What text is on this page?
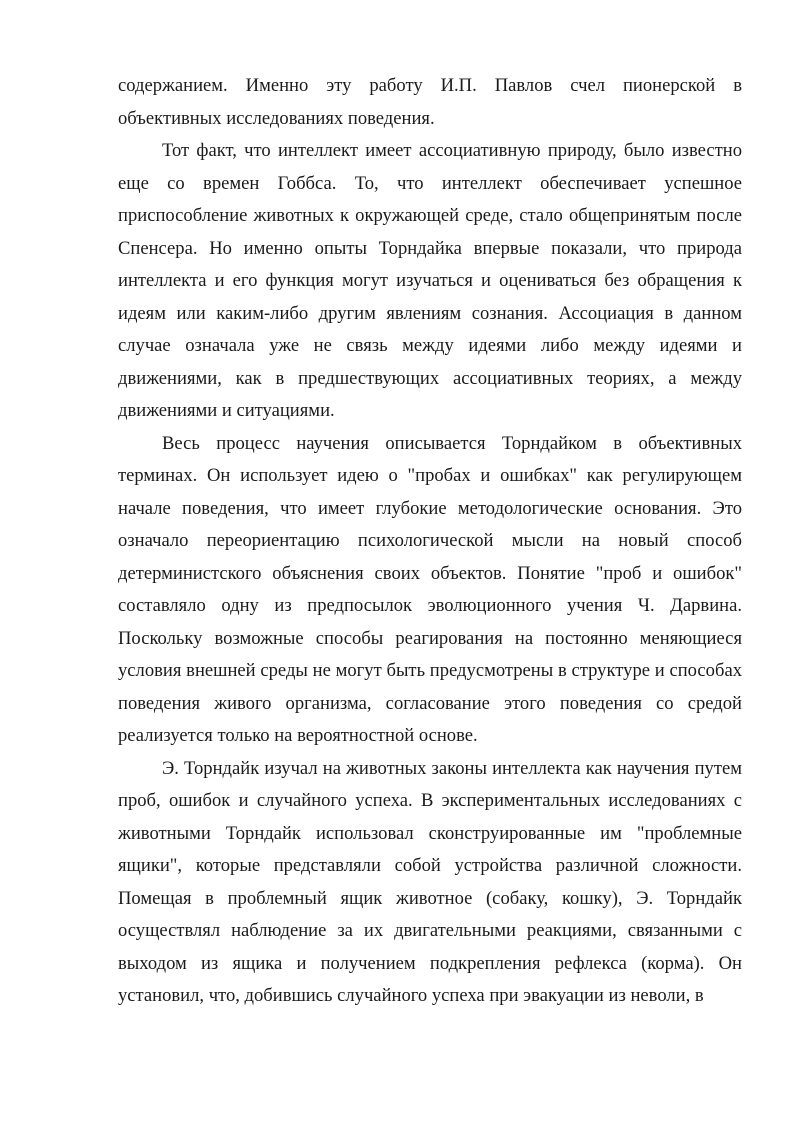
содержанием. Именно эту работу И.П. Павлов счел пионерской в объективных исследованиях поведения.

Тот факт, что интеллект имеет ассоциативную природу, было известно еще со времен Гоббса. То, что интеллект обеспечивает успешное приспособление животных к окружающей среде, стало общепринятым после Спенсера. Но именно опыты Торндайка впервые показали, что природа интеллекта и его функция могут изучаться и оцениваться без обращения к идеям или каким-либо другим явлениям сознания. Ассоциация в данном случае означала уже не связь между идеями либо между идеями и движениями, как в предшествующих ассоциативных теориях, а между движениями и ситуациями.

Весь процесс научения описывается Торндайком в объективных терминах. Он использует идею о "пробах и ошибках" как регулирующем начале поведения, что имеет глубокие методологические основания. Это означало переориентацию психологической мысли на новый способ детерминистского объяснения своих объектов. Понятие "проб и ошибок" составляло одну из предпосылок эволюционного учения Ч. Дарвина. Поскольку возможные способы реагирования на постоянно меняющиеся условия внешней среды не могут быть предусмотрены в структуре и способах поведения живого организма, согласование этого поведения со средой реализуется только на вероятностной основе.

Э. Торндайк изучал на животных законы интеллекта как научения путем проб, ошибок и случайного успеха. В экспериментальных исследованиях с животными Торндайк использовал сконструированные им "проблемные ящики", которые представляли собой устройства различной сложности. Помещая в проблемный ящик животное (собаку, кошку), Э. Торндайк осуществлял наблюдение за их двигательными реакциями, связанными с выходом из ящика и получением подкрепления рефлекса (корма). Он установил, что, добившись случайного успеха при эвакуации из неволи, в
